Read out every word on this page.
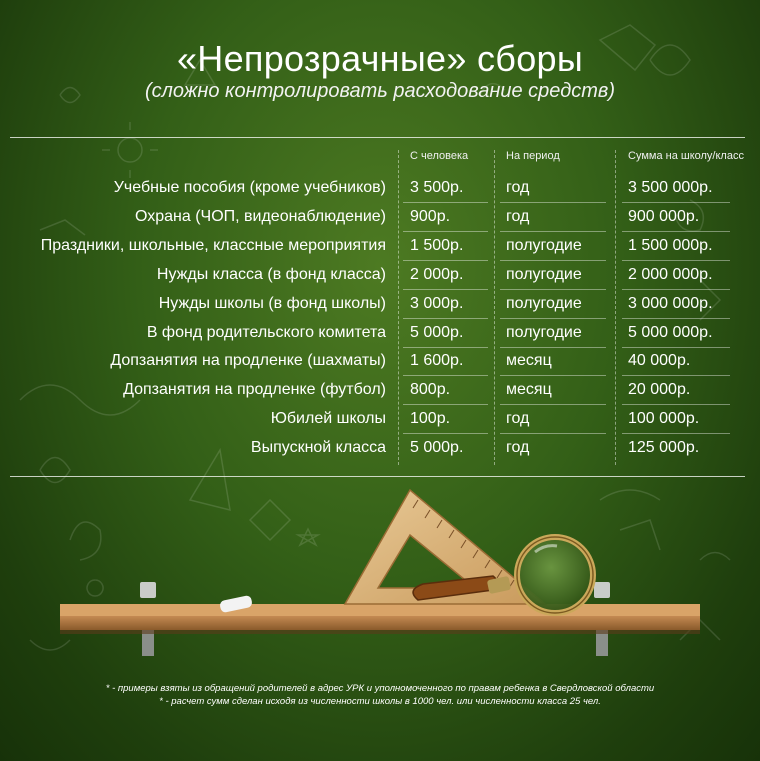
«Непрозрачные» сборы
(сложно контролировать расходование средств)
С человека	На период	Сумма на школу/класс
Учебные пособия (кроме учебников) 3 500р.	год	3 500 000р.
Охрана (ЧОП, видеонаблюдение) 900р.	год	900 000р.
Праздники, школьные, классные мероприятия 1 500р.	полугодие	1 500 000р.
Нужды класса (в фонд класса) 2 000р.	полугодие	2 000 000р.
Нужды школы (в фонд школы) 3 000р.	полугодие	3 000 000р.
В фонд родительского комитета 5 000р.	полугодие	5 000 000р.
Допзанятия на продленке (шахматы) 1 600р.	месяц	40 000р.
Допзанятия на продленке (футбол) 800р.	месяц	20 000р.
Юбилей школы 100р.	год	100 000р.
Выпускной класса 5 000р.	год	125 000р.
* - примеры взяты из обращений родителей в адрес УРК и уполномоченного по правам ребенка в Свердловской области
* - расчет сумм сделан исходя из численности школы в 1000 чел. или численности класса 25 чел.
